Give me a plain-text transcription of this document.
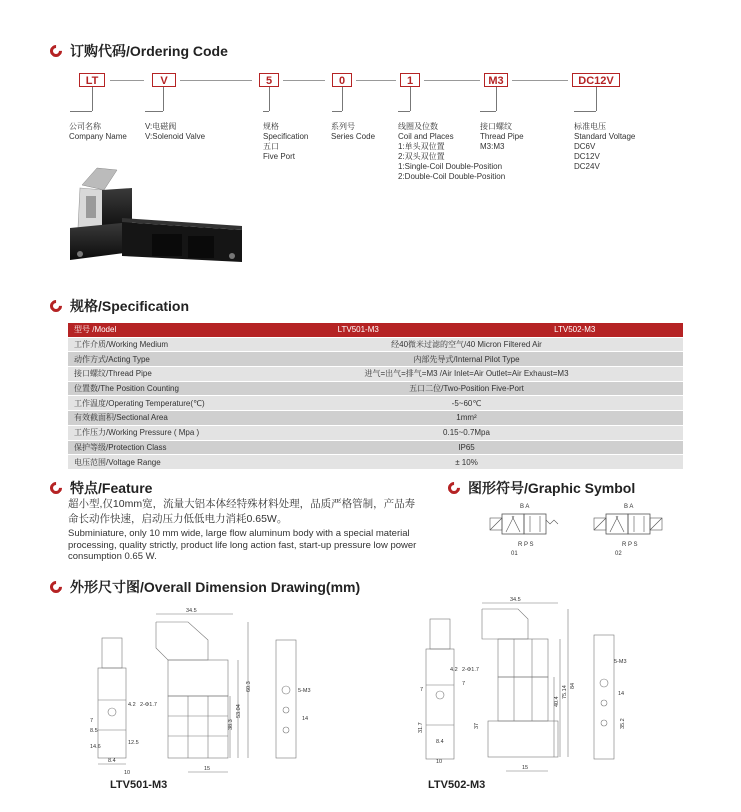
订购代码/Ordering Code
LT	V	5	0	1	M3	DC12V
公司名称
Company Name
V:电磁阀
V:Solenoid Valve
规格
Specification
五口
Five Port
系列号
Series Code
线圈及位数
Coil and Places
1:单头双位置
2:双头双位置
1:Single-Coil Double-Position
2:Double-Coil Double-Position
接口螺纹
Thread Pipe
M3:M3
标准电压
Standard Voltage
DC6V
DC12V
DC24V
规格/Specification
型号 /Model	LTV501-M3	LTV502-M3
工作介质/Working Medium	经40微米过滤的空气/40 Micron Filtered Air	
动作方式/Acting Type	内部先导式/Internal Pilot Type	
接口螺纹/Thread Pipe	进气=出气=排气=M3 /Air Inlet=Air Outlet=Air Exhaust=M3	
位置数/The Position Counting	五口二位/Two-Position Five-Port	
工作温度/Operating Temperature(℃)	-5~60℃	
有效截面积/Sectional Area	1mm²	
工作压力/Working Pressure ( Mpa )	0.15~0.7Mpa	
保护等级/Protection Class	IP65	
电压范围/Voltage Range	± 10%	
特点/Feature
超小型,仅10mm宽，流量大铝本体经特殊材料处理，品质严格管制，产品寿命长动作快速，启动压力低低电力消耗0.65W。
Subminiature, only 10 mm wide, large flow aluminum body with a special material processing, quality strictly, product life long action fast, start-up pressure low power consumption 0.65 W.
图形符号/Graphic Symbol
B A
R P S
01
B A
R P S
02
外形尺寸图/Overall Dimension Drawing(mm)
34.5
60.3
53.04
38.3
2-Φ1.7
4.2
5-M3
14
12.5
7
8.5
10
14.6
8.4
15
LTV501-M3
34.5
84
75.14
40.4
2-Φ1.7
4.2
5-M3
14
37
31.7
8.4
10
15
35.2
7
7
LTV502-M3
